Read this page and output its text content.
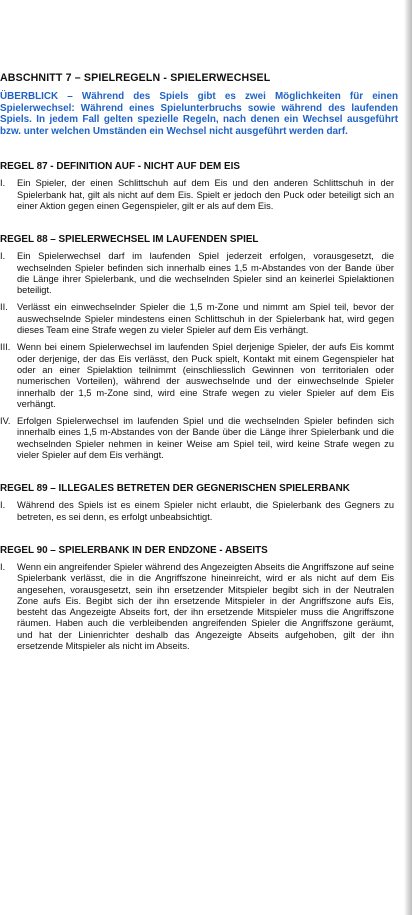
ABSCHNITT 7 – SPIELREGELN - SPIELERWECHSEL
ÜBERBLICK – Während des Spiels gibt es zwei Möglichkeiten für einen Spielerwechsel: Während eines Spielunterbruchs sowie während des laufenden Spiels. In jedem Fall gelten spezielle Regeln, nach denen ein Wechsel ausgeführt bzw. unter welchen Umständen ein Wechsel nicht ausgeführt werden darf.
REGEL 87 - DEFINITION AUF - NICHT AUF DEM EIS
I. Ein Spieler, der einen Schlittschuh auf dem Eis und den anderen Schlittschuh in der Spielerbank hat, gilt als nicht auf dem Eis. Spielt er jedoch den Puck oder beteiligt sich an einer Aktion gegen einen Gegenspieler, gilt er als auf dem Eis.
REGEL 88 – SPIELERWECHSEL IM LAUFENDEN SPIEL
I. Ein Spielerwechsel darf im laufenden Spiel jederzeit erfolgen, vorausgesetzt, die wechselnden Spieler befinden sich innerhalb eines 1,5 m-Abstandes von der Bande über die Länge ihrer Spielerbank, und die wechselnden Spieler sind an keinerlei Spielaktionen beteiligt.
II. Verlässt ein einwechselnder Spieler die 1,5 m-Zone und nimmt am Spiel teil, bevor der auswechselnde Spieler mindestens einen Schlittschuh in der Spielerbank hat, wird gegen dieses Team eine Strafe wegen zu vieler Spieler auf dem Eis verhängt.
III. Wenn bei einem Spielerwechsel im laufenden Spiel derjenige Spieler, der aufs Eis kommt oder derjenige, der das Eis verlässt, den Puck spielt, Kontakt mit einem Gegenspieler hat oder an einer Spielaktion teilnimmt (einschliesslich Gewinnen von territorialen oder numerischen Vorteilen), während der auswechselnde und der einwechselnde Spieler innerhalb der 1,5 m-Zone sind, wird eine Strafe wegen zu vieler Spieler auf dem Eis verhängt.
IV. Erfolgen Spielerwechsel im laufenden Spiel und die wechselnden Spieler befinden sich innerhalb eines 1,5 m-Abstandes von der Bande über die Länge ihrer Spielerbank und die wechselnden Spieler nehmen in keiner Weise am Spiel teil, wird keine Strafe wegen zu vieler Spieler auf dem Eis verhängt.
REGEL 89 – ILLEGALES BETRETEN DER GEGNERISCHEN SPIELERBANK
I. Während des Spiels ist es einem Spieler nicht erlaubt, die Spielerbank des Gegners zu betreten, es sei denn, es erfolgt unbeabsichtigt.
REGEL 90 – SPIELERBANK IN DER ENDZONE - ABSEITS
I. Wenn ein angreifender Spieler während des Angezeigten Abseits die Angriffszone auf seine Spielerbank verlässt, die in die Angriffszone hineinreicht, wird er als nicht auf dem Eis angesehen, vorausgesetzt, sein ihn ersetzender Mitspieler begibt sich in der Neutralen Zone aufs Eis. Begibt sich der ihn ersetzende Mitspieler in der Angriffszone aufs Eis, besteht das Angezeigte Abseits fort, der ihn ersetzende Mitspieler muss die Angriffszone räumen. Haben auch die verbleibenden angreifenden Spieler die Angriffszone geräumt, und hat der Linienrichter deshalb das Angezeigte Abseits aufgehoben, gilt der ihn ersetzende Mitspieler als nicht im Abseits.
